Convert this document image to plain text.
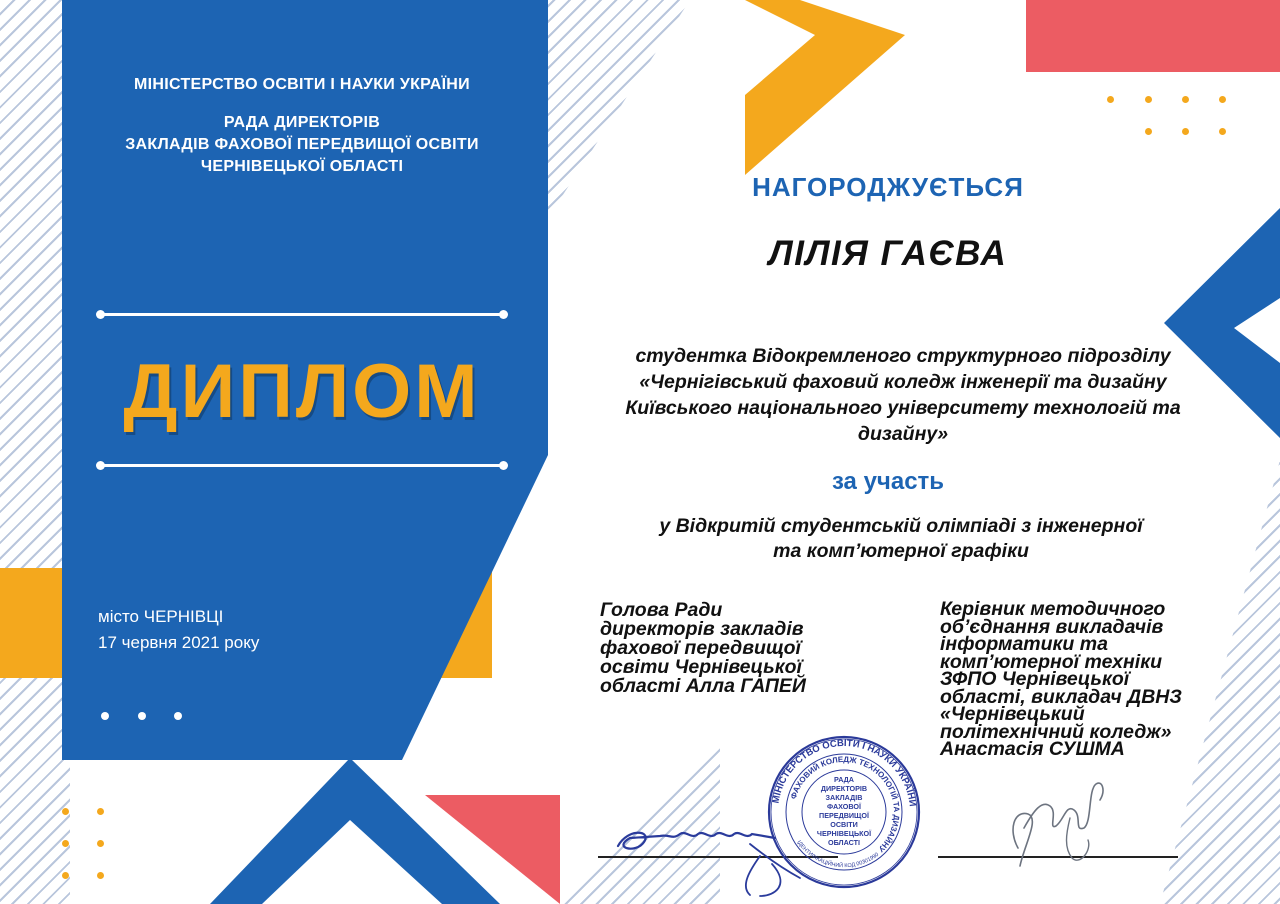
МІНІСТЕРСТВО ОСВІТИ І НАУКИ УКРАЇНИ
РАДА ДИРЕКТОРІВ
ЗАКЛАДІВ ФАХОВОЇ ПЕРЕДВИЩОЇ ОСВІТИ
ЧЕРНІВЕЦЬКОЇ ОБЛАСТІ
ДИПЛОМ
місто ЧЕРНІВЦІ
17 червня 2021 року
НАГОРОДЖУЄТЬСЯ
ЛІЛІЯ ГАЄВА
студентка Відокремленого структурного підрозділу
«Чернігівський фаховий коледж інженерії та дизайну
Київського національного університету технологій та
дизайну»
за участь
у Відкритій студентській олімпіаді з інженерної
та комп’ютерної графіки
Голова Ради
директорів закладів
фахової передвищої
освіти Чернівецької
області Алла ГАПЕЙ
Керівник методичного
об’єднання викладачів
інформатики та
комп’ютерної техніки
ЗФПО Чернівецької
області, викладач ДВНЗ
«Чернівецький
політехнічний коледж»
Анастасія СУШМА
МІНІСТЕРСТВО ОСВІТИ І НАУКИ УКРАЇНИ
ФАХОВИЙ КОЛЕДЖ ТЕХНОЛОГІЙ ТА ДИЗАЙНУ
ІДЕНТИФІКАЦІЙНИЙ КОД 00301990
РАДА
ДИРЕКТОРІВ
ЗАКЛАДІВ
ФАХОВОЇ
ПЕРЕДВИЩОЇ
ОСВІТИ
ЧЕРНІВЕЦЬКОЇ
ОБЛАСТІ
